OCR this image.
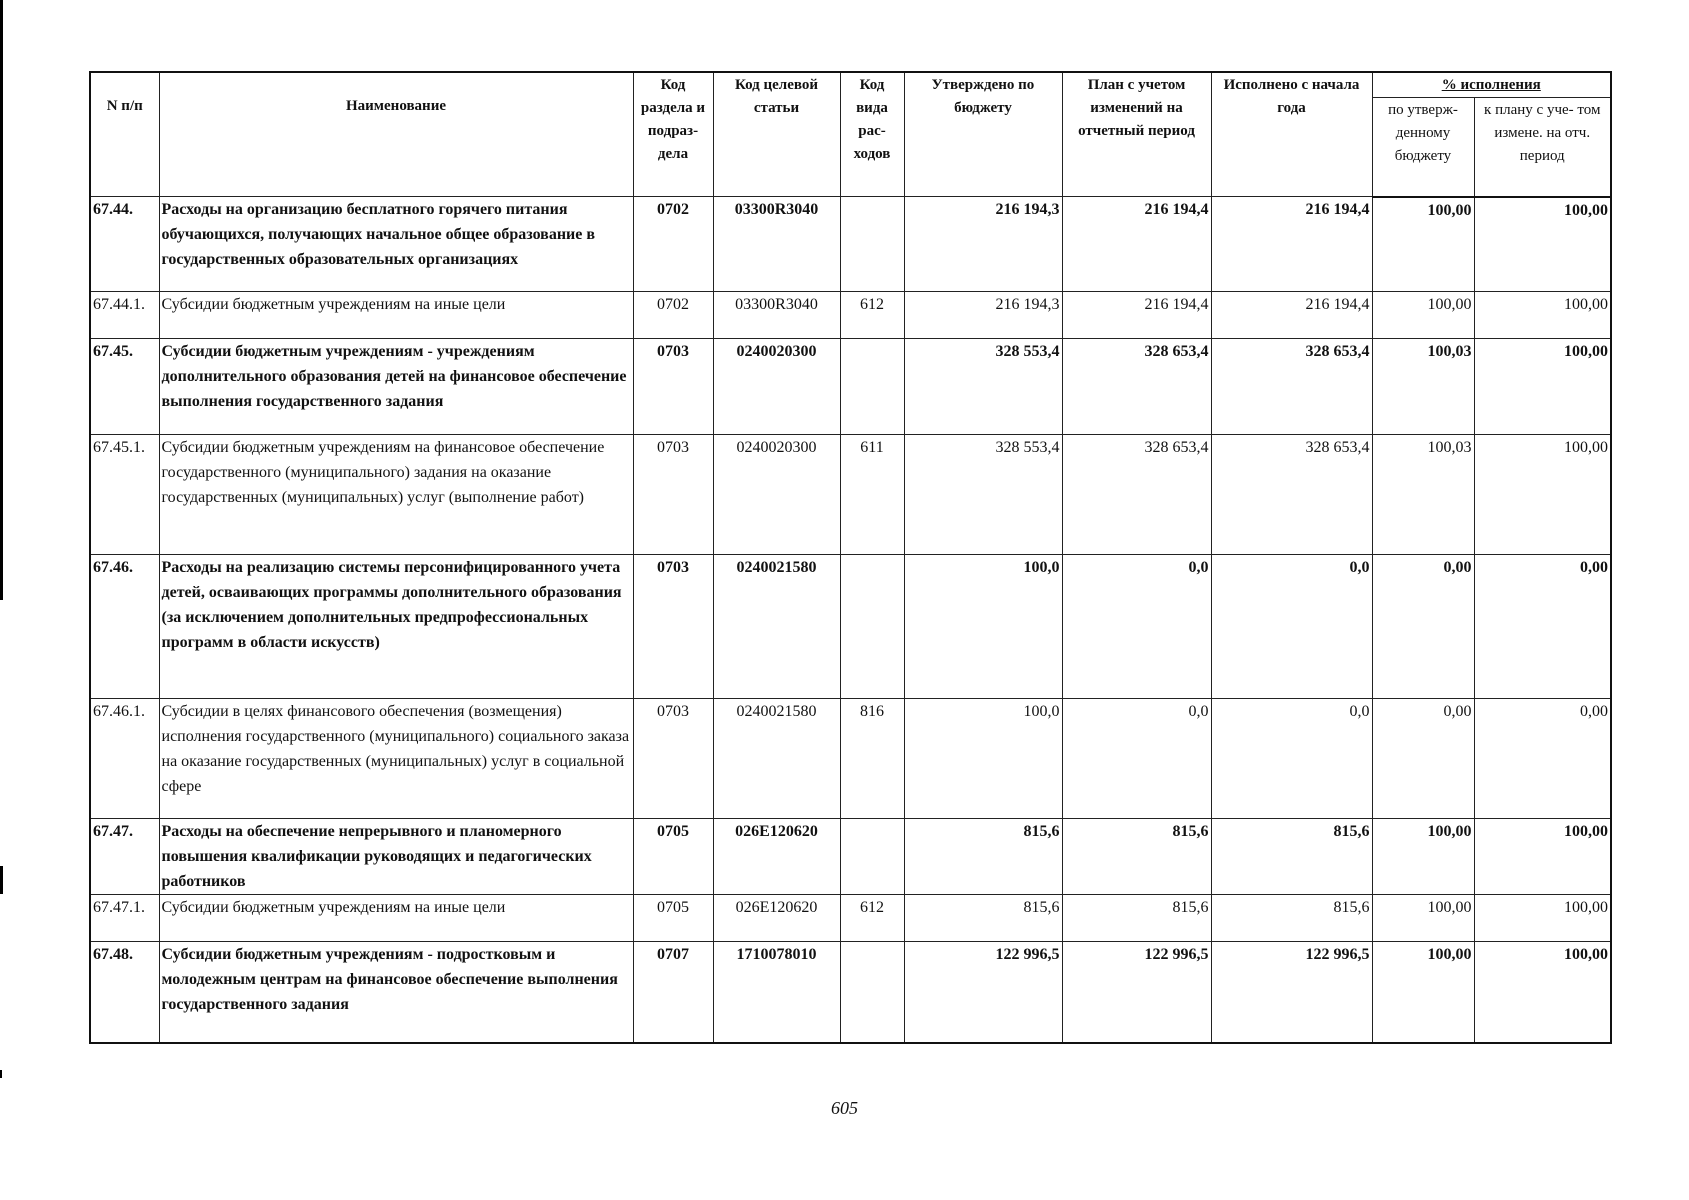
N п/п	Наименование	Код раздела и подраз- дела	Код целевой статьи	Код вида рас- ходов	Утверждено по бюджету	План с учетом изменений на отчетный период	Исполнено с начала года	% исполнения	
								по утверж- денному бюджету	к плану с уче- том измене. на отч. период
67.44.	Расходы на организацию бесплатного горячего питания обучающихся, получающих начальное общее образование в государственных образовательных организациях	0702	03300R3040		216 194,3	216 194,4	216 194,4	100,00	100,00
67.44.1.	Субсидии бюджетным учреждениям на иные цели	0702	03300R3040	612	216 194,3	216 194,4	216 194,4	100,00	100,00
67.45.	Субсидии бюджетным учреждениям - учреждениям дополнительного образования детей на финансовое обеспечение выполнения государственного задания	0703	0240020300		328 553,4	328 653,4	328 653,4	100,03	100,00
67.45.1.	Субсидии бюджетным учреждениям на финансовое обеспечение государственного (муниципального) задания на оказание государственных (муниципальных) услуг (выполнение работ)	0703	0240020300	611	328 553,4	328 653,4	328 653,4	100,03	100,00
67.46.	Расходы на реализацию системы персонифицированного учета детей, осваивающих программы дополнительного образования (за исключением дополнительных предпрофессиональных программ в области искусств)	0703	0240021580		100,0	0,0	0,0	0,00	0,00
67.46.1.	Субсидии в целях финансового обеспечения (возмещения) исполнения государственного (муниципального) социального заказа на оказание государственных (муниципальных) услуг в социальной сфере	0703	0240021580	816	100,0	0,0	0,0	0,00	0,00
67.47.	Расходы на обеспечение непрерывного и планомерного повышения квалификации руководящих и педагогических работников	0705	026E120620		815,6	815,6	815,6	100,00	100,00
67.47.1.	Субсидии бюджетным учреждениям на иные цели	0705	026E120620	612	815,6	815,6	815,6	100,00	100,00
67.48.	Субсидии бюджетным учреждениям - подростковым и молодежным центрам на финансовое обеспечение выполнения государственного задания	0707	1710078010		122 996,5	122 996,5	122 996,5	100,00	100,00
605
